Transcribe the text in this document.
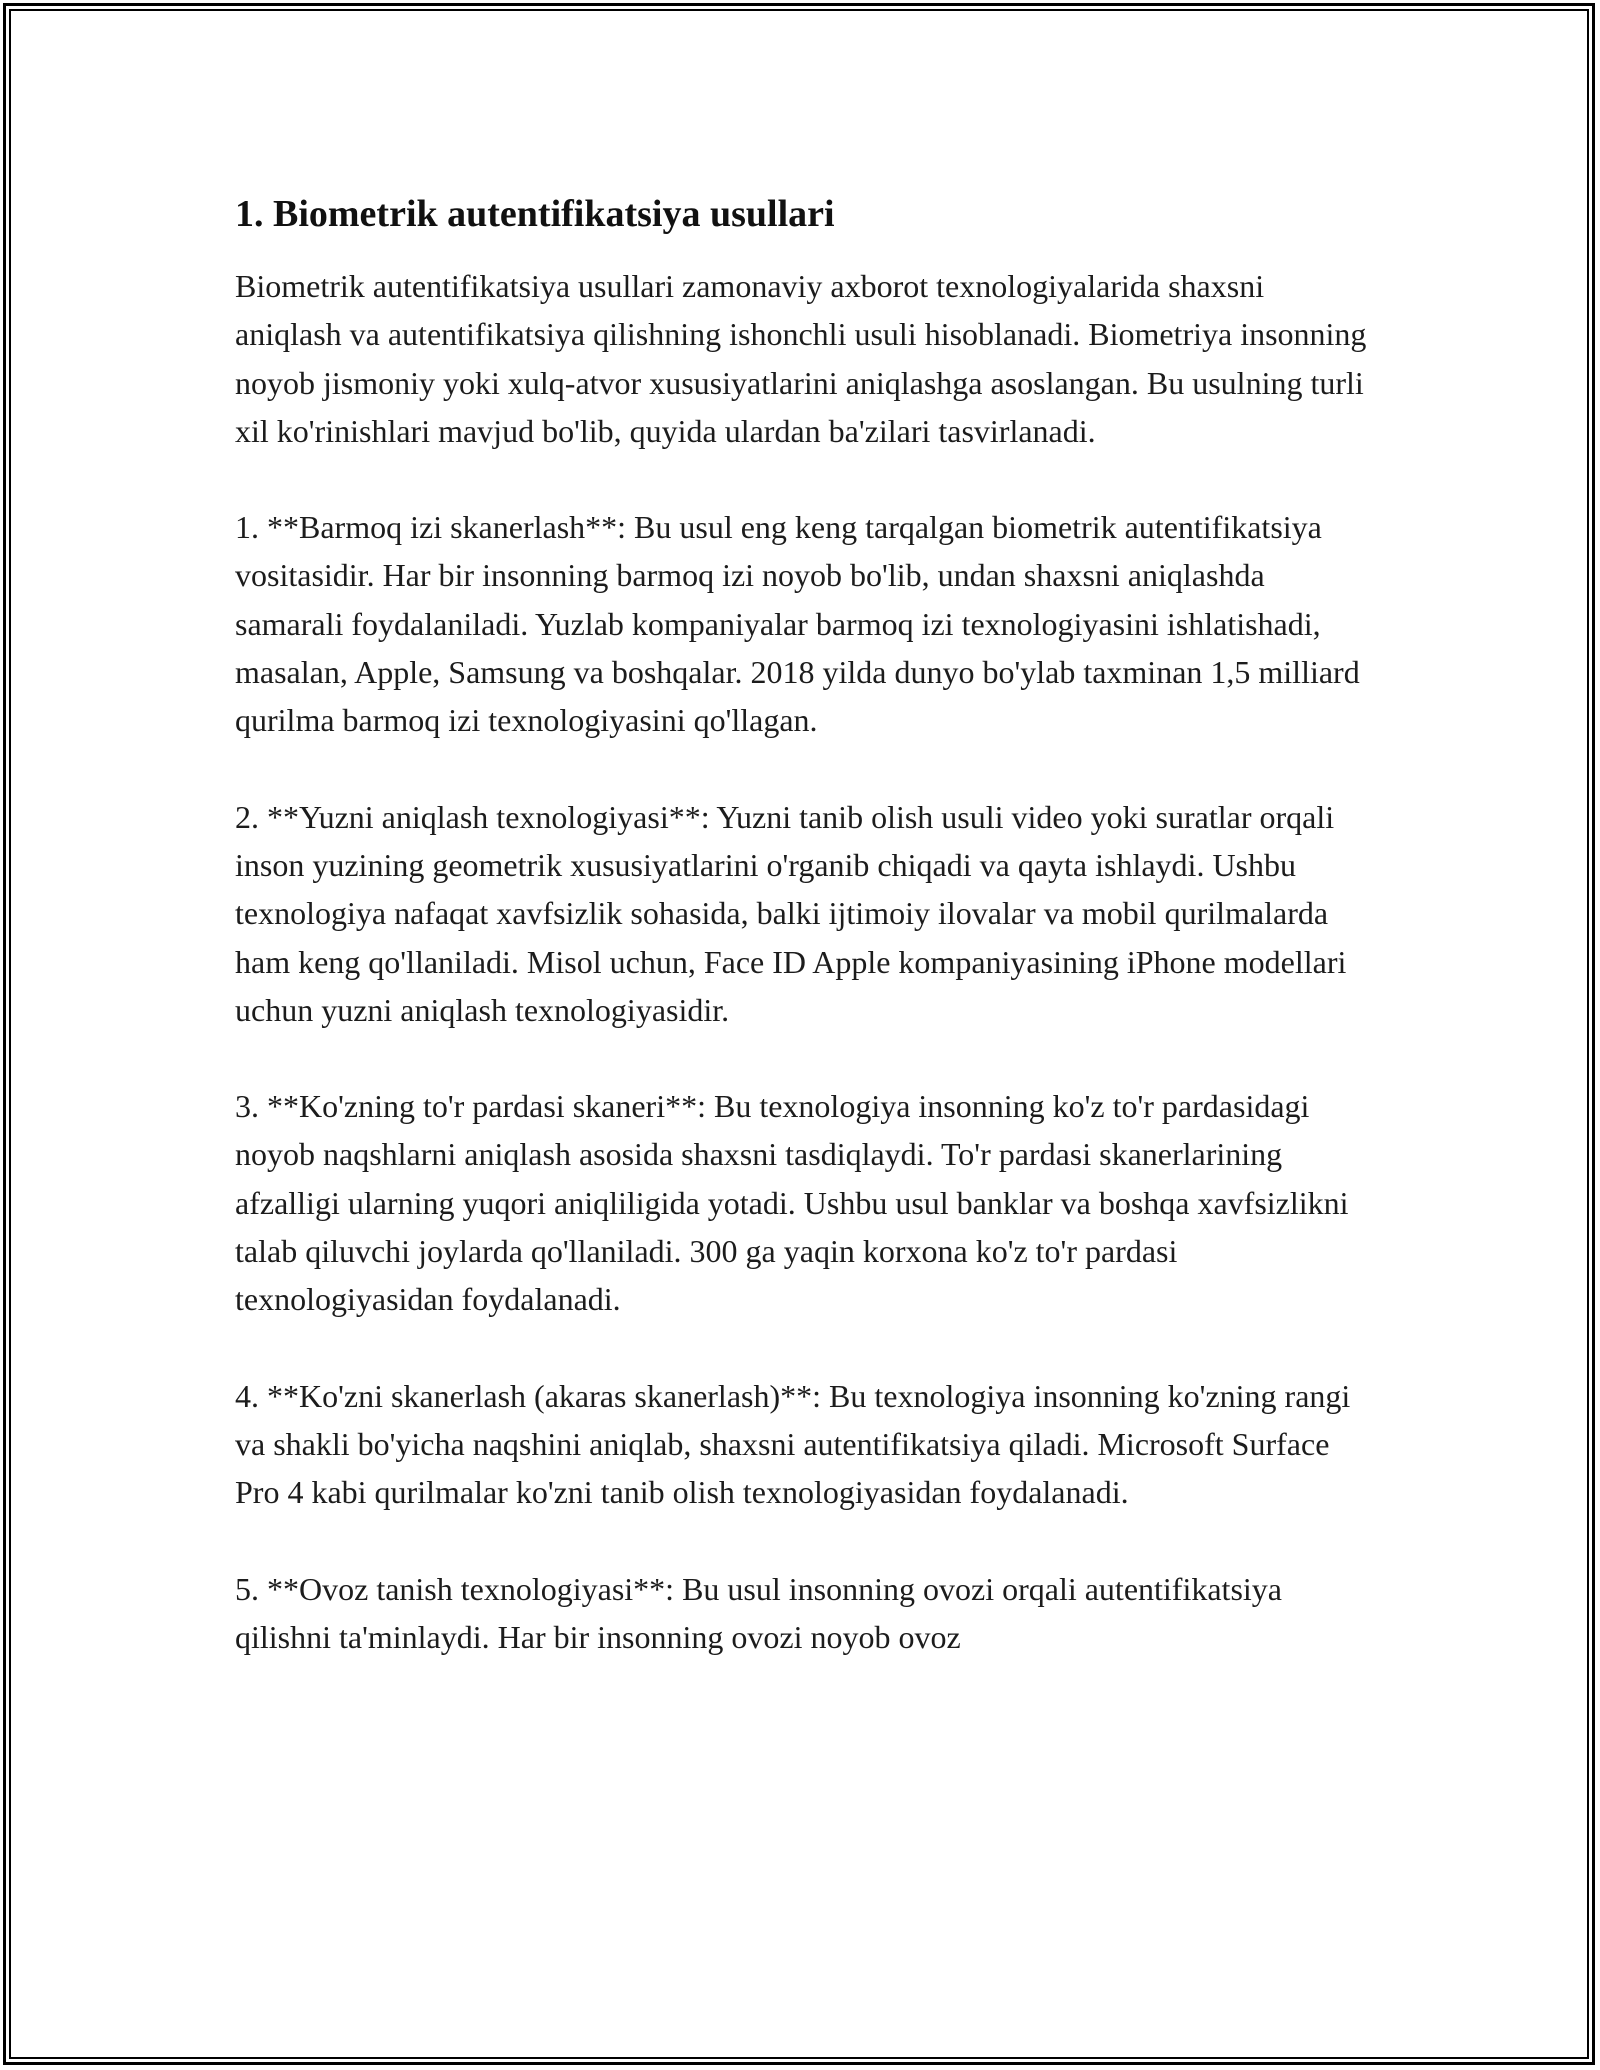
1. Biometrik autentifikatsiya usullari

Biometrik autentifikatsiya usullari zamonaviy axborot texnologiyalarida shaxsni aniqlash va autentifikatsiya qilishning ishonchli usuli hisoblanadi. Biometriya insonning noyob jismoniy yoki xulq-atvor xususiyatlarini aniqlashga asoslangan. Bu usulning turli xil ko'rinishlari mavjud bo'lib, quyida ulardan ba'zilari tasvirlanadi.

1. **Barmoq izi skanerlash**: Bu usul eng keng tarqalgan biometrik autentifikatsiya vositasidir. Har bir insonning barmoq izi noyob bo'lib, undan shaxsni aniqlashda samarali foydalaniladi. Yuzlab kompaniyalar barmoq izi texnologiyasini ishlatishadi, masalan, Apple, Samsung va boshqalar. 2018 yilda dunyo bo'ylab taxminan 1,5 milliard qurilma barmoq izi texnologiyasini qo'llagan.

2. **Yuzni aniqlash texnologiyasi**: Yuzni tanib olish usuli video yoki suratlar orqali inson yuzining geometrik xususiyatlarini o'rganib chiqadi va qayta ishlaydi. Ushbu texnologiya nafaqat xavfsizlik sohasida, balki ijtimoiy ilovalar va mobil qurilmalarda ham keng qo'llaniladi. Misol uchun, Face ID Apple kompaniyasining iPhone modellari uchun yuzni aniqlash texnologiyasidir.

3. **Ko'zning to'r pardasi skaneri**: Bu texnologiya insonning ko'z to'r pardasidagi noyob naqshlarni aniqlash asosida shaxsni tasdiqlaydi. To'r pardasi skanerlarining afzalligi ularning yuqori aniqliligida yotadi. Ushbu usul banklar va boshqa xavfsizlikni talab qiluvchi joylarda qo'llaniladi. 300 ga yaqin korxona ko'z to'r pardasi texnologiyasidan foydalanadi.

4. **Ko'zni skanerlash (akaras skanerlash)**: Bu texnologiya insonning ko'zning rangi va shakli bo'yicha naqshini aniqlab, shaxsni autentifikatsiya qiladi. Microsoft Surface Pro 4 kabi qurilmalar ko'zni tanib olish texnologiyasidan foydalanadi.

5. **Ovoz tanish texnologiyasi**: Bu usul insonning ovozi orqali autentifikatsiya qilishni ta'minlaydi. Har bir insonning ovozi noyob ovoz
